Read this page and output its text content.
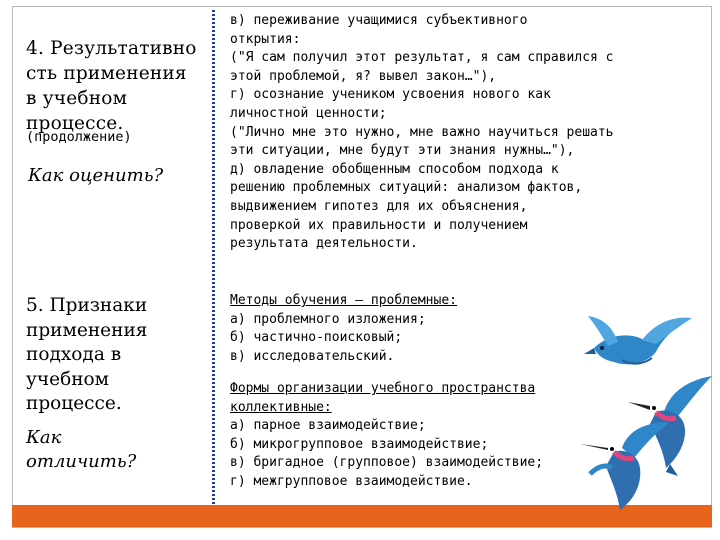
4. Результативно
сть применения
в учебном
процессе.
(продолжение)
Как оценить?
5. Признаки
применения
подхода в
учебном
процессе.
Как
отличить?
в) переживание учащимися субъективного
открытия:
("Я сам получил этот результат, я сам справился с
этой проблемой, я? вывел закон…"),
г) осознание учеником усвоения нового как
личностной ценности;
("Лично мне это нужно, мне важно научиться решать
эти ситуации, мне будут эти знания нужны…"),
д) овладение обобщенным способом подхода к
решению проблемных ситуаций: анализом фактов,
выдвижением гипотез для их объяснения,
проверкой их правильности и получением
результата деятельности.
Методы обучения – проблемные:
а) проблемного изложения;
б) частично-поисковый;
в) исследовательский.
Формы организации учебного пространства
коллективные:
а) парное взаимодействие;
б) микрогрупповое взаимодействие;
в) бригадное (групповое) взаимодействие;
г) межгрупповое взаимодействие.
